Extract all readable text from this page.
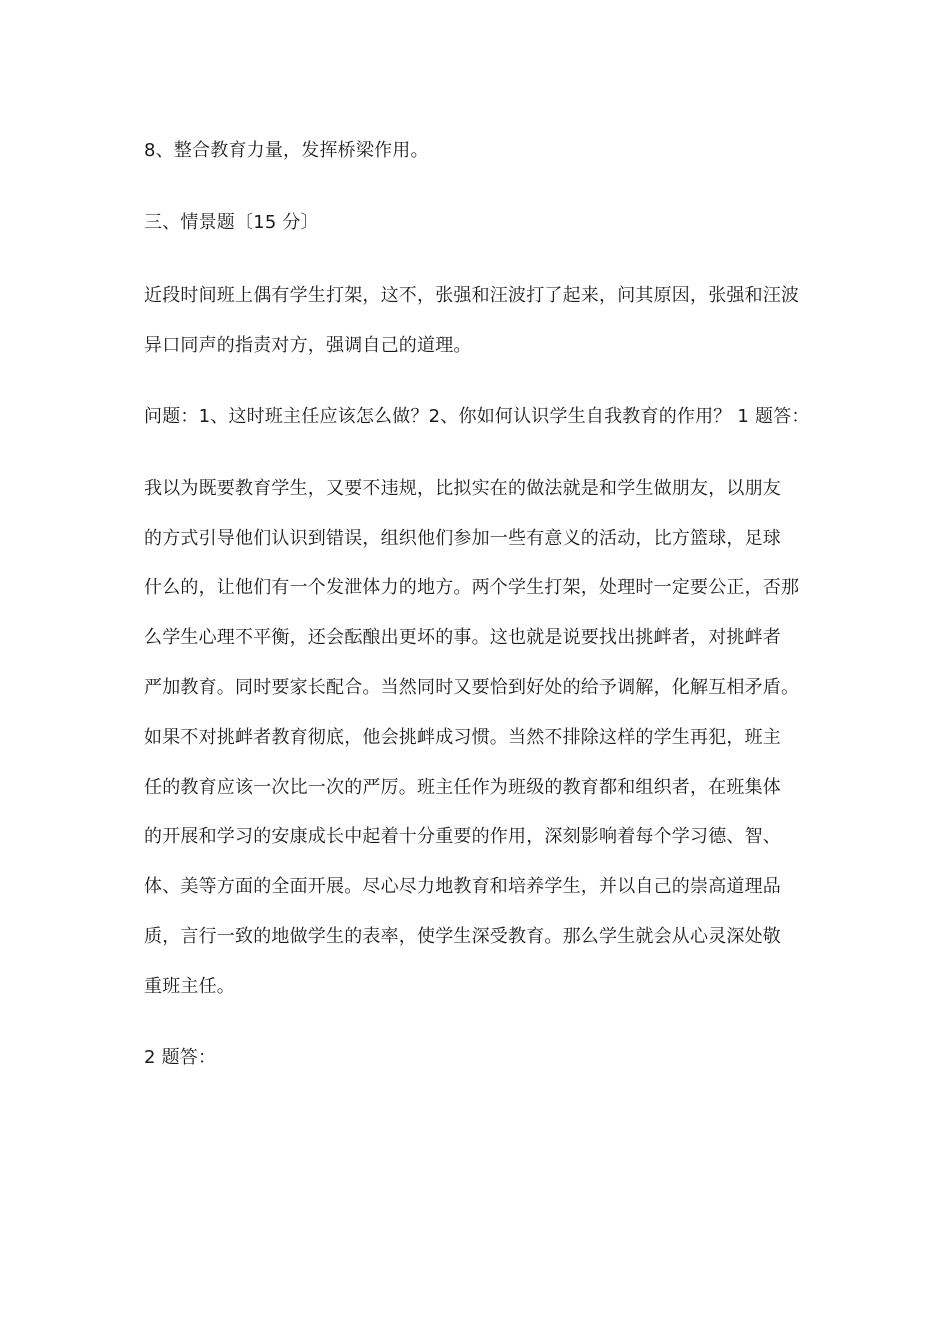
8、整合教育力量，发挥桥梁作用。
三、情景题〔15 分〕
近段时间班上偶有学生打架，这不，张强和汪波打了起来，问其原因，张强和汪波
异口同声的指责对方，强调自己的道理。
问题：1、这时班主任应该怎么做？2、你如何认识学生自我教育的作用？ 1 题答：
我以为既要教育学生，又要不违规，比拟实在的做法就是和学生做朋友，以朋友
的方式引导他们认识到错误，组织他们参加一些有意义的活动，比方篮球，足球
什么的，让他们有一个发泄体力的地方。两个学生打架，处理时一定要公正，否那
么学生心理不平衡，还会酝酿出更坏的事。这也就是说要找出挑衅者，对挑衅者
严加教育。同时要家长配合。当然同时又要恰到好处的给予调解，化解互相矛盾。
如果不对挑衅者教育彻底，他会挑衅成习惯。当然不排除这样的学生再犯，班主
任的教育应该一次比一次的严厉。班主任作为班级的教育都和组织者，在班集体
的开展和学习的安康成长中起着十分重要的作用，深刻影响着每个学习德、智、
体、美等方面的全面开展。尽心尽力地教育和培养学生，并以自己的崇高道理品
质，言行一致的地做学生的表率，使学生深受教育。那么学生就会从心灵深处敬
重班主任。
2 题答：
